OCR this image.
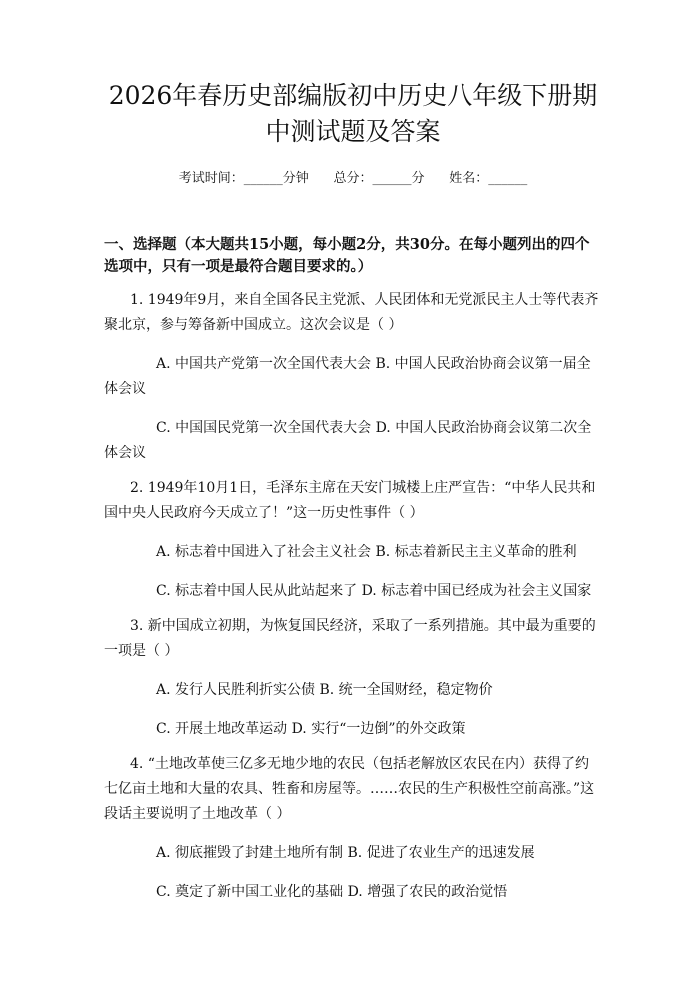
2026年春历史部编版初中历史八年级下册期
中测试题及答案
考试时间：______分钟      总分：______分      姓名：______
一、选择题（本大题共15小题，每小题2分，共30分。在每小题列出的四个选项中，只有一项是最符合题目要求的。）
1. 1949年9月，来自全国各民主党派、人民团体和无党派民主人士等代表齐聚北京，参与筹备新中国成立。这次会议是（ ）
A. 中国共产党第一次全国代表大会 B. 中国人民政治协商会议第一届全体会议
C. 中国国民党第一次全国代表大会 D. 中国人民政治协商会议第二次全体会议
2. 1949年10月1日，毛泽东主席在天安门城楼上庄严宣告：“中华人民共和国中央人民政府今天成立了！”这一历史性事件（ ）
A. 标志着中国进入了社会主义社会 B. 标志着新民主主义革命的胜利
C. 标志着中国人民从此站起来了 D. 标志着中国已经成为社会主义国家
3. 新中国成立初期，为恢复国民经济，采取了一系列措施。其中最为重要的一项是（ ）
A. 发行人民胜利折实公债 B. 统一全国财经，稳定物价
C. 开展土地改革运动 D. 实行“一边倒”的外交政策
4. “土地改革使三亿多无地少地的农民（包括老解放区农民在内）获得了约七亿亩土地和大量的农具、牲畜和房屋等。……农民的生产积极性空前高涨。”这段话主要说明了土地改革（ ）
A. 彻底摧毁了封建土地所有制 B. 促进了农业生产的迅速发展
C. 奠定了新中国工业化的基础 D. 增强了农民的政治觉悟
